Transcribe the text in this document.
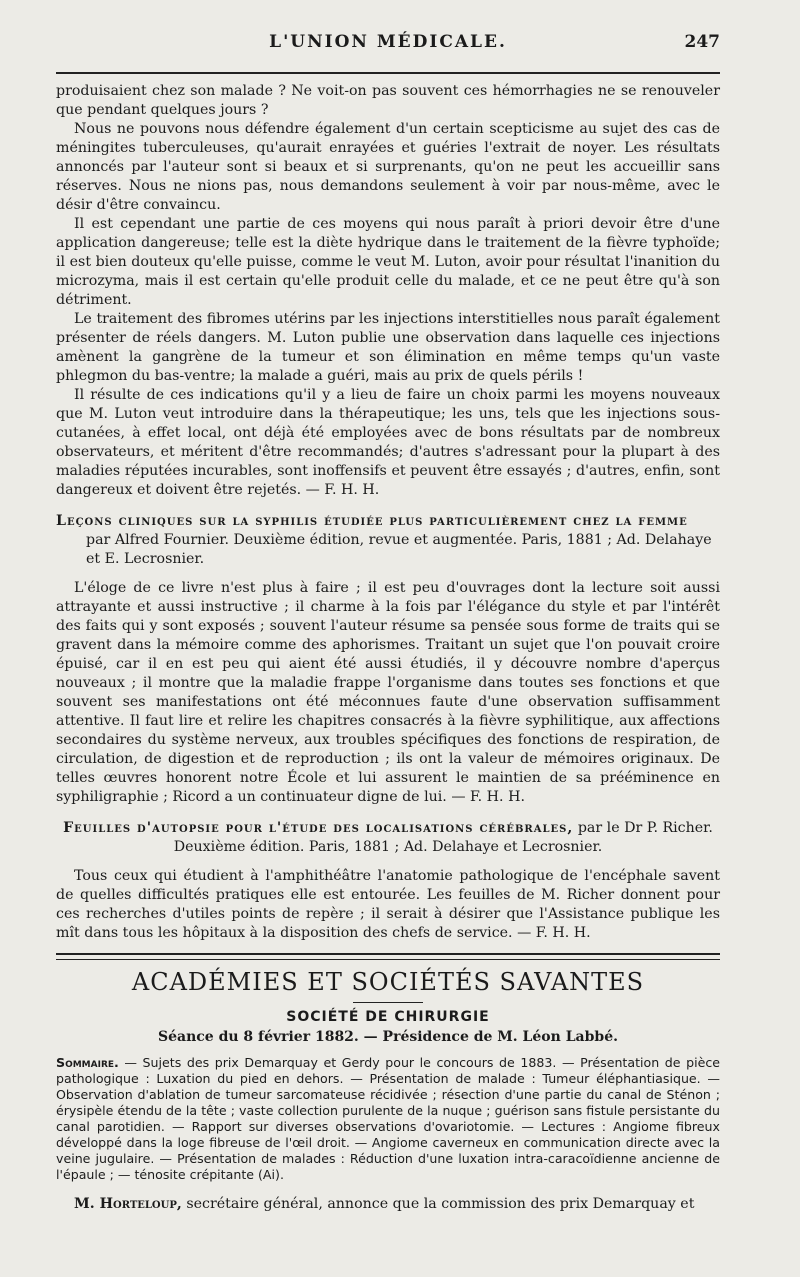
L'UNION MÉDICALE.	247

produisaient chez son malade ? Ne voit-on pas souvent ces hémorrhagies ne se renouveler que pendant quelques jours ?

Nous ne pouvons nous défendre également d'un certain scepticisme au sujet des cas de méningites tuberculeuses, qu'aurait enrayées et guéries l'extrait de noyer. Les résultats annoncés par l'auteur sont si beaux et si surprenants, qu'on ne peut les accueillir sans réserves. Nous ne nions pas, nous demandons seulement à voir par nous-même, avec le désir d'être convaincu.

Il est cependant une partie de ces moyens qui nous paraît à priori devoir être d'une application dangereuse; telle est la diète hydrique dans le traitement de la fièvre typhoïde; il est bien douteux qu'elle puisse, comme le veut M. Luton, avoir pour résultat l'inanition du microzyma, mais il est certain qu'elle produit celle du malade, et ce ne peut être qu'à son détriment.

Le traitement des fibromes utérins par les injections interstitielles nous paraît également présenter de réels dangers. M. Luton publie une observation dans laquelle ces injections amènent la gangrène de la tumeur et son élimination en même temps qu'un vaste phlegmon du bas-ventre; la malade a guéri, mais au prix de quels périls !

Il résulte de ces indications qu'il y a lieu de faire un choix parmi les moyens nouveaux que M. Luton veut introduire dans la thérapeutique; les uns, tels que les injections sous-cutanées, à effet local, ont déjà été employées avec de bons résultats par de nombreux observateurs, et méritent d'être recommandés; d'autres s'adressant pour la plupart à des maladies réputées incurables, sont inoffensifs et peuvent être essayés ; d'autres, enfin, sont dangereux et doivent être rejetés. — F. H. H.

Leçons cliniques sur la syphilis étudiée plus particulièrement chez la femme
par Alfred Fournier. Deuxième édition, revue et augmentée. Paris, 1881 ; Ad. Delahaye et E. Lecrosnier.

L'éloge de ce livre n'est plus à faire ; il est peu d'ouvrages dont la lecture soit aussi attrayante et aussi instructive ; il charme à la fois par l'élégance du style et par l'intérêt des faits qui y sont exposés ; souvent l'auteur résume sa pensée sous forme de traits qui se gravent dans la mémoire comme des aphorismes. Traitant un sujet que l'on pouvait croire épuisé, car il en est peu qui aient été aussi étudiés, il y découvre nombre d'aperçus nouveaux ; il montre que la maladie frappe l'organisme dans toutes ses fonctions et que souvent ses manifestations ont été méconnues faute d'une observation suffisamment attentive. Il faut lire et relire les chapitres consacrés à la fièvre syphilitique, aux affections secondaires du système nerveux, aux troubles spécifiques des fonctions de respiration, de circulation, de digestion et de reproduction ; ils ont la valeur de mémoires originaux. De telles œuvres honorent notre École et lui assurent le maintien de sa prééminence en syphiligraphie ; Ricord a un continuateur digne de lui. — F. H. H.

Feuilles d'autopsie pour l'étude des localisations cérébrales, par le Dr P. Richer.
Deuxième édition. Paris, 1881 ; Ad. Delahaye et Lecrosnier.

Tous ceux qui étudient à l'amphithéâtre l'anatomie pathologique de l'encéphale savent de quelles difficultés pratiques elle est entourée. Les feuilles de M. Richer donnent pour ces recherches d'utiles points de repère ; il serait à désirer que l'Assistance publique les mît dans tous les hôpitaux à la disposition des chefs de service. — F. H. H.

ACADÉMIES ET SOCIÉTÉS SAVANTES
SOCIÉTÉ DE CHIRURGIE
Séance du 8 février 1882. — Présidence de M. Léon Labbé.
Sommaire. — Sujets des prix Demarquay et Gerdy pour le concours de 1883. — Présentation de pièce pathologique : Luxation du pied en dehors. — Présentation de malade : Tumeur éléphantiasique. — Observation d'ablation de tumeur sarcomateuse récidivée ; résection d'une partie du canal de Sténon ; érysipèle étendu de la tête ; vaste collection purulente de la nuque ; guérison sans fistule persistante du canal parotidien. — Rapport sur diverses observations d'ovariotomie. — Lectures : Angiome fibreux développé dans la loge fibreuse de l'œil droit. — Angiome caverneux en communication directe avec la veine jugulaire. — Présentation de malades : Réduction d'une luxation intra-caracoïdienne ancienne de l'épaule ; — ténosite crépitante (Ai).
M. Horteloup, secrétaire général, annonce que la commission des prix Demarquay et
